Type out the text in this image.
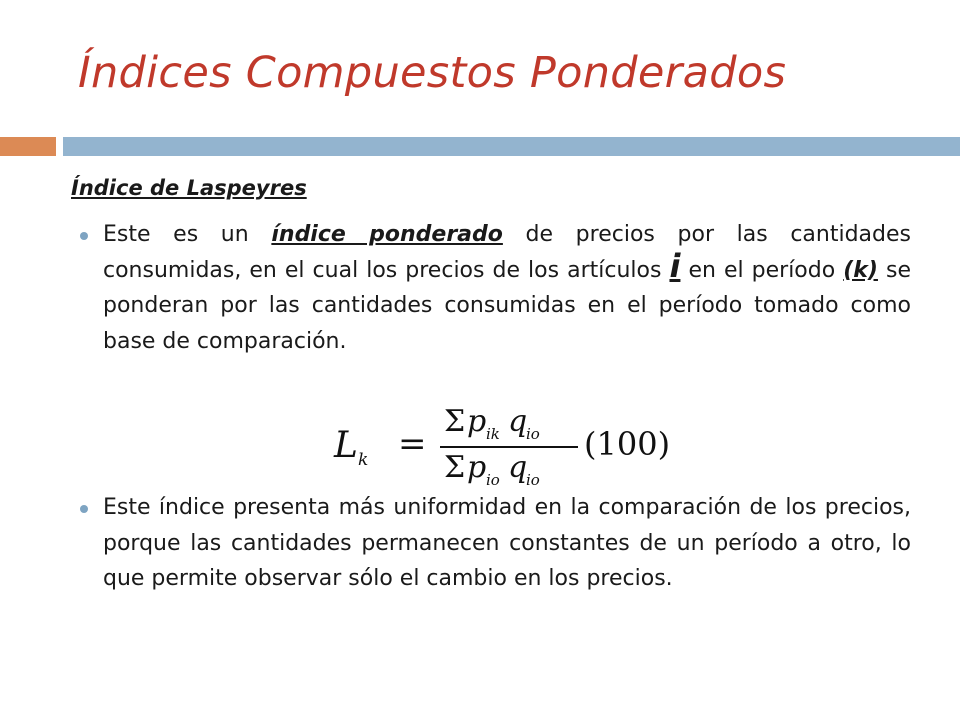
Índices Compuestos Ponderados
Índice de Laspeyres
Este es un índice ponderado de precios por las cantidades consumidas, en el cual los precios de los artículos i en el período (k) se ponderan por las cantidades consumidas en el período tomado como base de comparación.
L k =
Σ p ik q
io
Σ p io q
io
(100)
Este índice presenta más uniformidad en la comparación de los precios, porque las cantidades permanecen constantes de un período a otro, lo que permite observar sólo el cambio en los precios.
